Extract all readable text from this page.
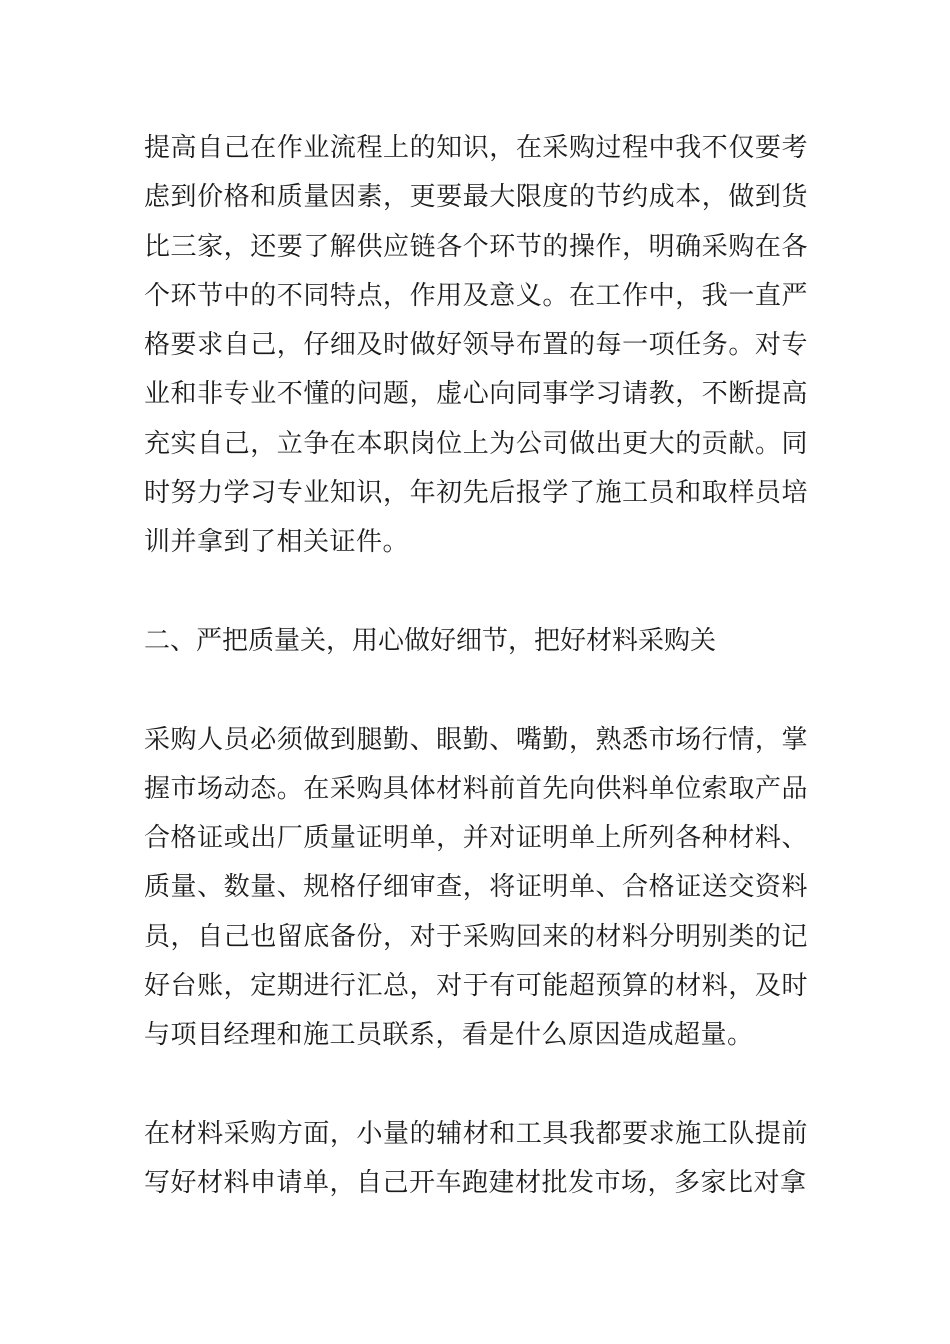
提高自己在作业流程上的知识，在采购过程中我不仅要考虑到价格和质量因素，更要最大限度的节约成本，做到货比三家，还要了解供应链各个环节的操作，明确采购在各个环节中的不同特点，作用及意义。在工作中，我一直严格要求自己，仔细及时做好领导布置的每一项任务。对专业和非专业不懂的问题，虚心向同事学习请教，不断提高充实自己，立争在本职岗位上为公司做出更大的贡献。同时努力学习专业知识，年初先后报学了施工员和取样员培训并拿到了相关证件。

二、严把质量关，用心做好细节，把好材料采购关

采购人员必须做到腿勤、眼勤、嘴勤，熟悉市场行情，掌握市场动态。在采购具体材料前首先向供料单位索取产品合格证或出厂质量证明单，并对证明单上所列各种材料、质量、数量、规格仔细审查，将证明单、合格证送交资料员，自己也留底备份，对于采购回来的材料分明别类的记好台账，定期进行汇总，对于有可能超预算的材料，及时与项目经理和施工员联系，看是什么原因造成超量。

在材料采购方面，小量的辅材和工具我都要求施工队提前写好材料申请单，自己开车跑建材批发市场，多家比对拿
